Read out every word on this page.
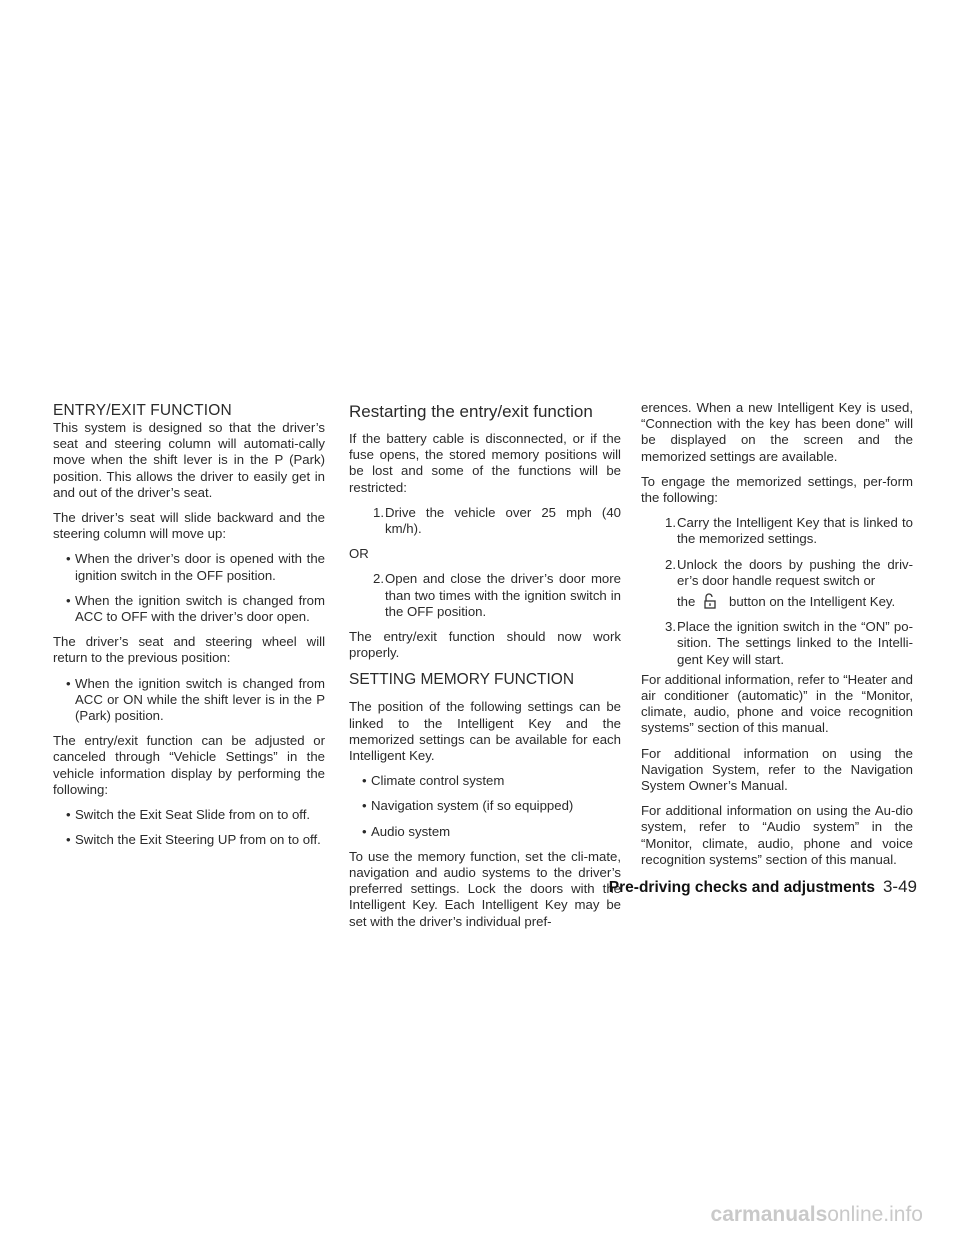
ENTRY/EXIT FUNCTION

This system is designed so that the driver’s seat and steering column will automati-cally move when the shift lever is in the P (Park) position. This allows the driver to easily get in and out of the driver’s seat.

The driver’s seat will slide backward and the steering column will move up:

• When the driver’s door is opened with the ignition switch in the OFF position.
• When the ignition switch is changed from ACC to OFF with the driver’s door open.

The driver’s seat and steering wheel will return to the previous position:

• When the ignition switch is changed from ACC or ON while the shift lever is in the P (Park) position.

The entry/exit function can be adjusted or canceled through “Vehicle Settings” in the vehicle information display by performing the following:

• Switch the Exit Seat Slide from on to off.
• Switch the Exit Steering UP from on to off.
Restarting the entry/exit function

If the battery cable is disconnected, or if the fuse opens, the stored memory positions will be lost and some of the functions will be restricted:

1.Drive the vehicle over 25 mph (40 km/h).
OR
2.Open and close the driver’s door more than two times with the ignition switch in the OFF position.

The entry/exit function should now work properly.

SETTING MEMORY FUNCTION

The position of the following settings can be linked to the Intelligent Key and the memorized settings can be available for each Intelligent Key.

• Climate control system
• Navigation system (if so equipped)
• Audio system

To use the memory function, set the cli-mate, navigation and audio systems to the driver’s preferred settings. Lock the doors with the Intelligent Key. Each Intelligent Key may be set with the driver’s individual pref-

erences. When a new Intelligent Key is used, “Connection with the key has been done” will be displayed on the screen and the memorized settings are available.

To engage the memorized settings, per-form the following:

1.Carry the Intelligent Key that is linked to the memorized settings.
2.Unlock the doors by pushing the driv-er’s door handle request switch or
the	button on the Intelligent Key.
3.Place the ignition switch in the “ON” po-sition. The settings linked to the Intelli-gent Key will start.

For additional information, refer to “Heater and air conditioner (automatic)” in the “Monitor, climate, audio, phone and voice recognition systems” section of this manual.

For additional information on using the Navigation System, refer to the Navigation System Owner’s Manual.

For additional information on using the Au-dio system, refer to “Audio system” in the “Monitor, climate, audio, phone and voice recognition systems” section of this manual.

Pre-driving checks and adjustments 3-49
carmanualsonline.info
